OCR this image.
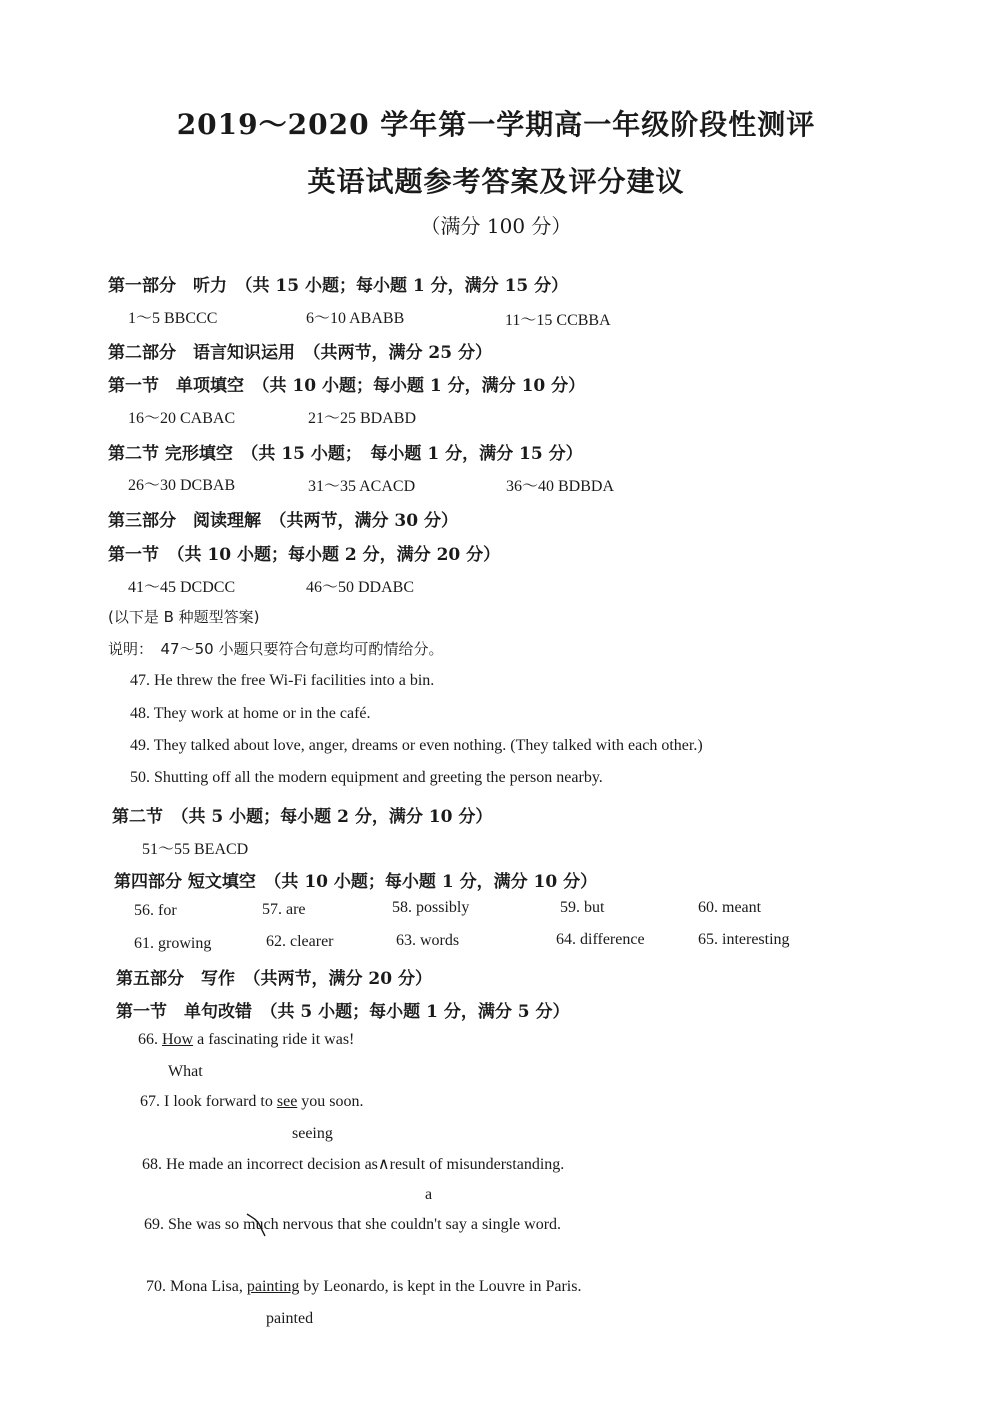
2019～2020 学年第一学期高一年级阶段性测评
英语试题参考答案及评分建议
（满分 100 分）
第一部分　听力　（共 15 小题；每小题 1 分，满分 15 分）
1～5 BBCCC	6～10 ABABB	11～15 CCBBA
第二部分　语言知识运用　（共两节，满分 25 分）
第一节　单项填空　（共 10 小题；每小题 1 分，满分 10 分）
16～20 CABAC	21～25 BDABD
第二节 完形填空　（共 15 小题；　每小题 1 分，满分 15 分）
26～30 DCBAB	31～35 ACACD	36～40 BDBDA
第三部分　阅读理解　（共两节，满分 30 分）
第一节　（共 10 小题；每小题 2 分，满分 20 分）
41～45 DCDCC	46～50 DDABC
(以下是 B 种题型答案)
说明：　47～50 小题只要符合句意均可酌情给分。
47. He threw the free Wi-Fi facilities into a bin.
48. They work at home or in the café.
49. They talked about love, anger, dreams or even nothing. (They talked with each other.)
50. Shutting off all the modern equipment and greeting the person nearby.
第二节　（共 5 小题；每小题 2 分，满分 10 分）
51～55 BEACD
第四部分 短文填空　（共 10 小题；每小题 1 分，满分 10 分）
56. for	57. are	58. possibly	59. but	60. meant
61. growing	62. clearer	63. words	64. difference	65. interesting
第五部分　写作　（共两节，满分 20 分）
第一节　单句改错　（共 5 小题；每小题 1 分，满分 5 分）
66. How a fascinating ride it was!
What
67. I look forward to see you soon.
seeing
68. He made an incorrect decision as∧result of misunderstanding.
a
69. She was so much nervous that she couldn't say a single word.
70. Mona Lisa, painting by Leonardo, is kept in the Louvre in Paris.
painted
